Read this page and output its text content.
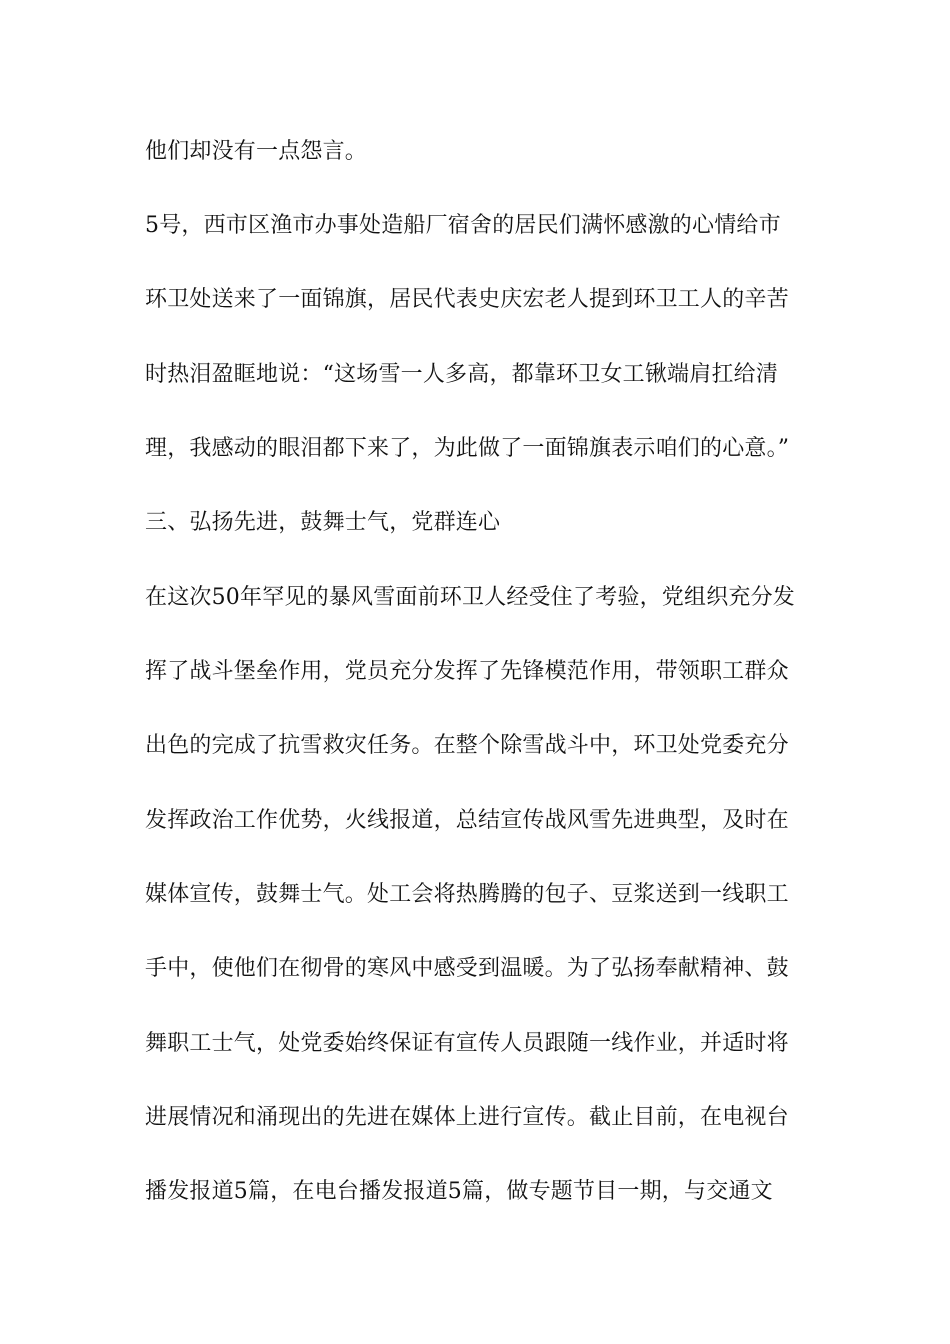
他们却没有一点怨言。

5号，西市区渔市办事处造船厂宿舍的居民们满怀感激的心情给市

环卫处送来了一面锦旗，居民代表史庆宏老人提到环卫工人的辛苦

时热泪盈眶地说：“这场雪一人多高，都靠环卫女工锹端肩扛给清

理，我感动的眼泪都下来了，为此做了一面锦旗表示咱们的心意。”

三、弘扬先进，鼓舞士气，党群连心

在这次50年罕见的暴风雪面前环卫人经受住了考验，党组织充分发

挥了战斗堡垒作用，党员充分发挥了先锋模范作用，带领职工群众

出色的完成了抗雪救灾任务。在整个除雪战斗中，环卫处党委充分

发挥政治工作优势，火线报道，总结宣传战风雪先进典型，及时在

媒体宣传，鼓舞士气。处工会将热腾腾的包子、豆浆送到一线职工

手中，使他们在彻骨的寒风中感受到温暖。为了弘扬奉献精神、鼓

舞职工士气，处党委始终保证有宣传人员跟随一线作业，并适时将

进展情况和涌现出的先进在媒体上进行宣传。截止目前，在电视台

播发报道5篇，在电台播发报道5篇，做专题节目一期，与交通文
